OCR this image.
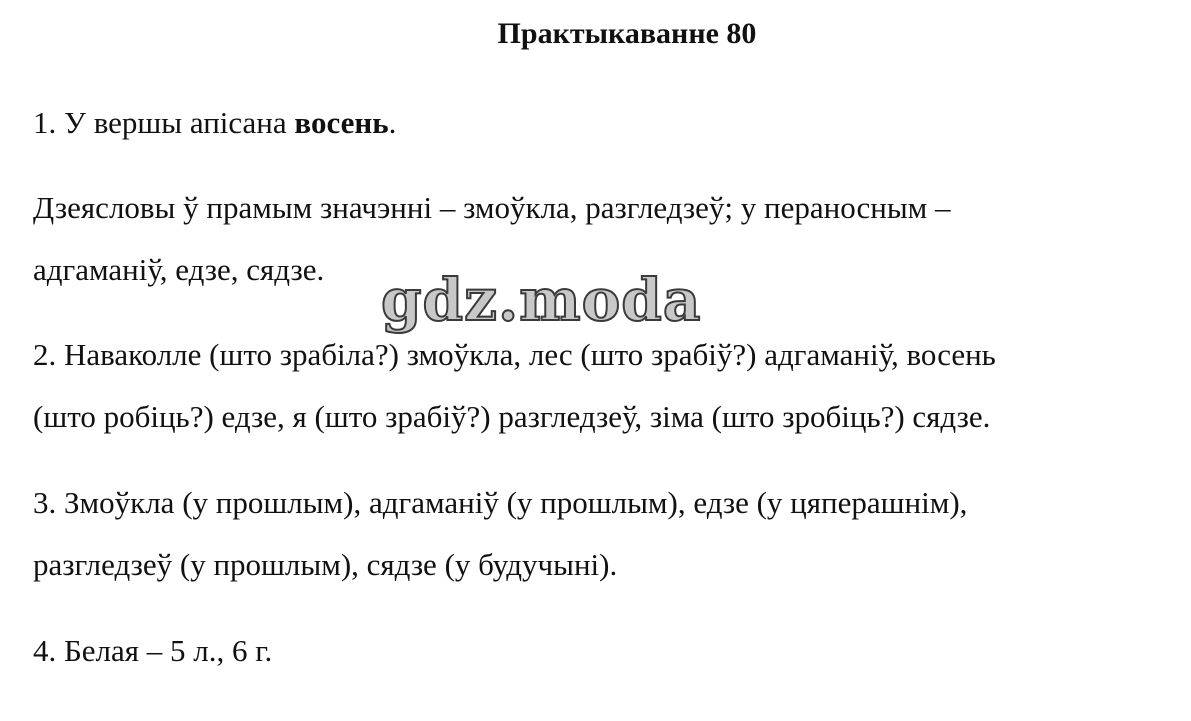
Практыкаванне 80
1. У вершы апісана восень.
Дзеясловы ў прамым значэнні – змоўкла, разгледзеў; у пераносным –
адгаманіў, едзе, сядзе.
2. Наваколле (што зрабіла?) змоўкла, лес (што зрабіў?) адгаманіў, восень
(што робіць?) едзе, я (што зрабіў?) разгледзеў, зіма (што зробіць?) сядзе.
3. Змоўкла (у прошлым), адгаманіў (у прошлым), едзе (у цяперашнім),
разгледзеў (у прошлым), сядзе (у будучыні).
4. Белая – 5 л., 6 г.
gdz.moda
